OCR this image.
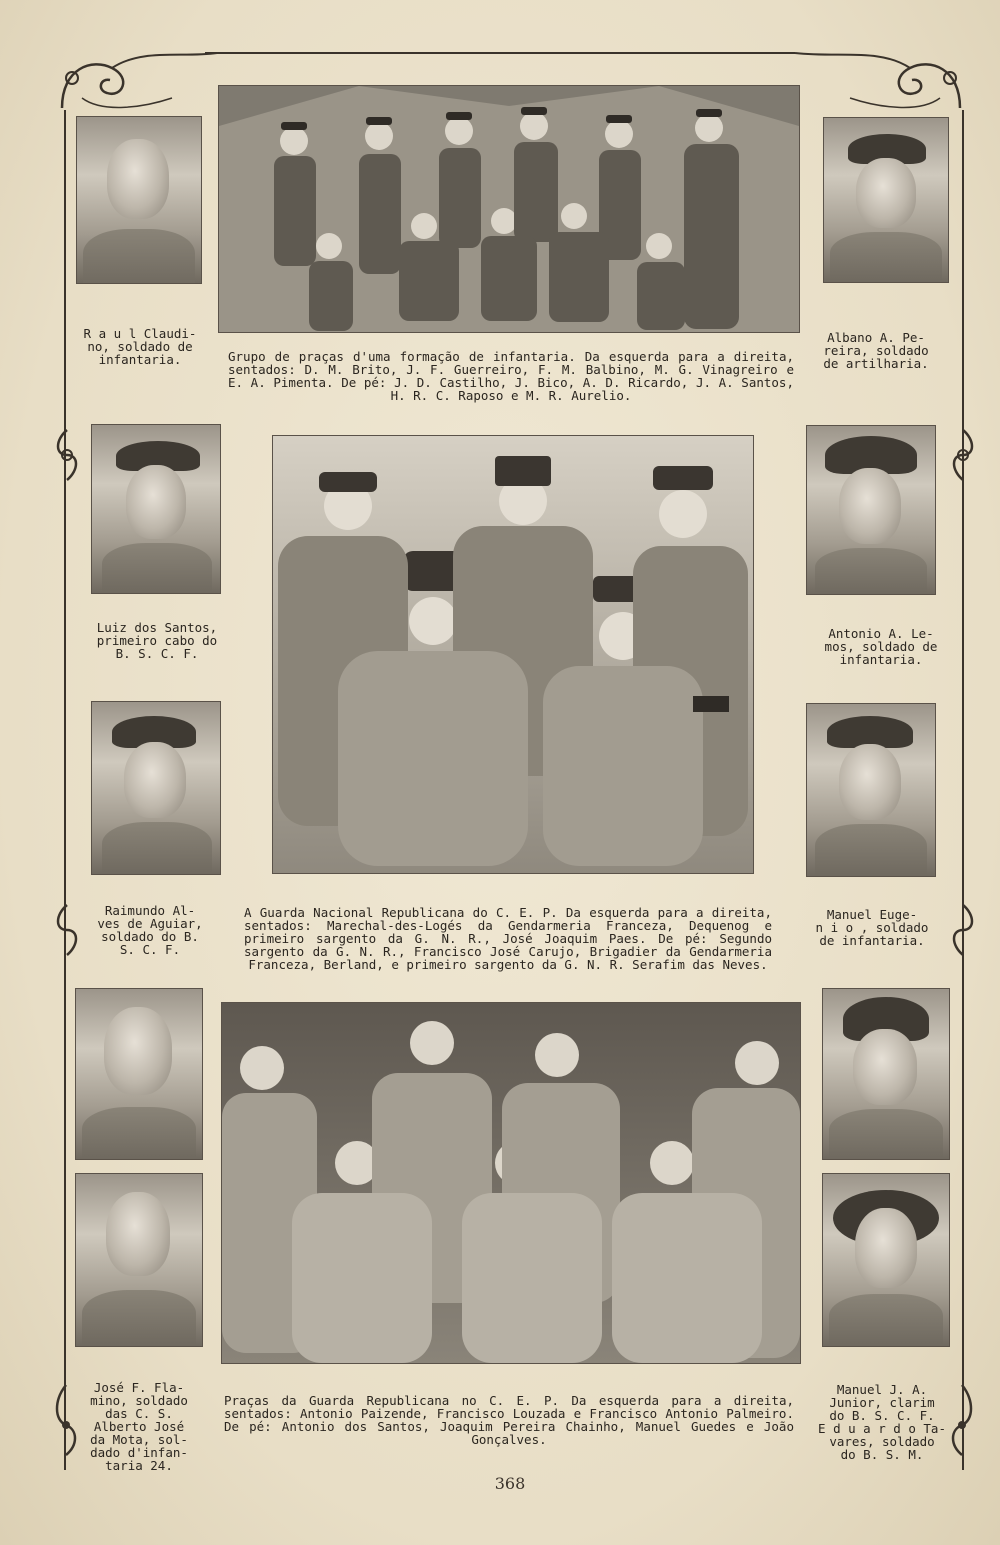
Grupo de praças d'uma formação de infantaria. Da esquerda para a direita, sentados: D. M. Brito, J. F. Guerreiro, F. M. Balbino, M. G. Vinagreiro e E. A. Pimenta. De pé: J. D. Castilho, J. Bico, A. D. Ricardo, J. A. Santos, H. R. C. Raposo e M. R. Aurelio.
R a u l Claudi-
no, soldado de
infantaria.
Albano A. Pe-
reira, soldado
de artilharia.
A Guarda Nacional Republicana do C. E. P. Da esquerda para a direita, sentados: Marechal-des-Logés da Gendarmeria Franceza, Dequenog e primeiro sargento da G. N. R., José Joaquim Paes. De pé: Segundo sargento da G. N. R., Francisco José Carujo, Brigadier da Gendarmeria Franceza, Berland, e primeiro sargento da G. N. R. Serafim das Neves.
Luiz dos Santos,
primeiro cabo do
B. S. C. F.
Antonio A. Le-
mos, soldado de
infantaria.
Raimundo Al-
ves de Aguiar,
soldado do B.
S. C. F.
Manuel Euge-
n i o , soldado
de infantaria.
Praças da Guarda Republicana no C. E. P. Da esquerda para a direita, sentados: Antonio Paizende, Francisco Louzada e Francisco Antonio Palmeiro. De pé: Antonio dos Santos, Joaquim Pereira Chainho, Manuel Guedes e João Gonçalves.
José F. Fla-
mino, soldado
das C. S.
Alberto José
da Mota, sol-
dado d'infan-
taria 24.
Manuel J. A.
Junior, clarim
do B. S. C. F.
E d u a r d o Ta-
vares, soldado
do B. S. M.
368
